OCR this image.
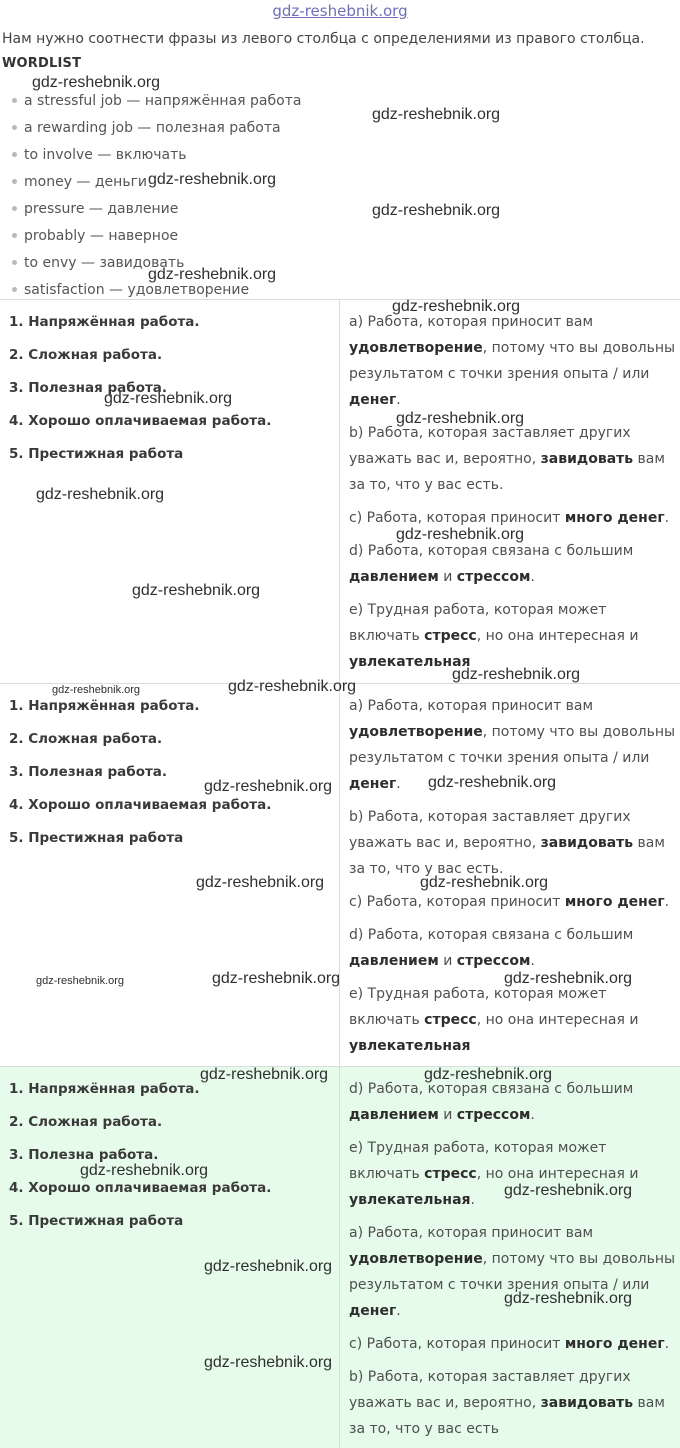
gdz-reshebnik.org
Нам нужно соотнести фразы из левого столбца с определениями из правого столбца.
WORDLIST
a stressful job — напряжённая работа
a rewarding job — полезная работа
to involve — включать
money — деньги
pressure — давление
probably — наверное
to envy — завидовать
satisfaction — удовлетворение
1. Напряжённая работа.
2. Сложная работа.
3. Полезная работа.
4. Хорошо оплачиваемая работа.
5. Престижная работа
а) Работа, которая приносит вам
удовлетворение, потому что вы довольны
результатом с точки зрения опыта / или
денег.
b) Работа, которая заставляет других
уважать вас и, вероятно, завидовать вам
за то, что у вас есть.
c) Работа, которая приносит много денег.
d) Работа, которая связана с большим
давлением и стрессом.
e) Трудная работа, которая может
включать стресс, но она интересная и
увлекательная
1. Напряжённая работа.
2. Сложная работа.
3. Полезная работа.
4. Хорошо оплачиваемая работа.
5. Престижная работа
а) Работа, которая приносит вам
удовлетворение, потому что вы довольны
результатом с точки зрения опыта / или
денег.
b) Работа, которая заставляет других
уважать вас и, вероятно, завидовать вам
за то, что у вас есть.
c) Работа, которая приносит много денег.
d) Работа, которая связана с большим
давлением и стрессом.
e) Трудная работа, которая может
включать стресс, но она интересная и
увлекательная
1. Напряжённая работа.
2. Сложная работа.
3. Полезна работа.
4. Хорошо оплачиваемая работа.
5. Престижная работа
d) Работа, которая связана с большим
давлением и стрессом.
e) Трудная работа, которая может
включать стресс, но она интересная и
увлекательная.
а) Работа, которая приносит вам
удовлетворение, потому что вы довольны
результатом с точки зрения опыта / или
денег.
c) Работа, которая приносит много денег.
b) Работа, которая заставляет других
уважать вас и, вероятно, завидовать вам
за то, что у вас есть
gdz-reshebnik.org
gdz-reshebnik.org
gdz-reshebnik.org
gdz-reshebnik.org
gdz-reshebnik.org
gdz-reshebnik.org
gdz-reshebnik.org
gdz-reshebnik.org
gdz-reshebnik.org
gdz-reshebnik.org
gdz-reshebnik.org
gdz-reshebnik.org
gdz-reshebnik.org	gdz-reshebnik.org
gdz-reshebnik.org
gdz-reshebnik.org
gdz-reshebnik.org	gdz-reshebnik.org
gdz-reshebnik.org	gdz-reshebnik.org	gdz-reshebnik.org
gdz-reshebnik.org	gdz-reshebnik.org
gdz-reshebnik.org
gdz-reshebnik.org
gdz-reshebnik.org
gdz-reshebnik.org
gdz-reshebnik.org
